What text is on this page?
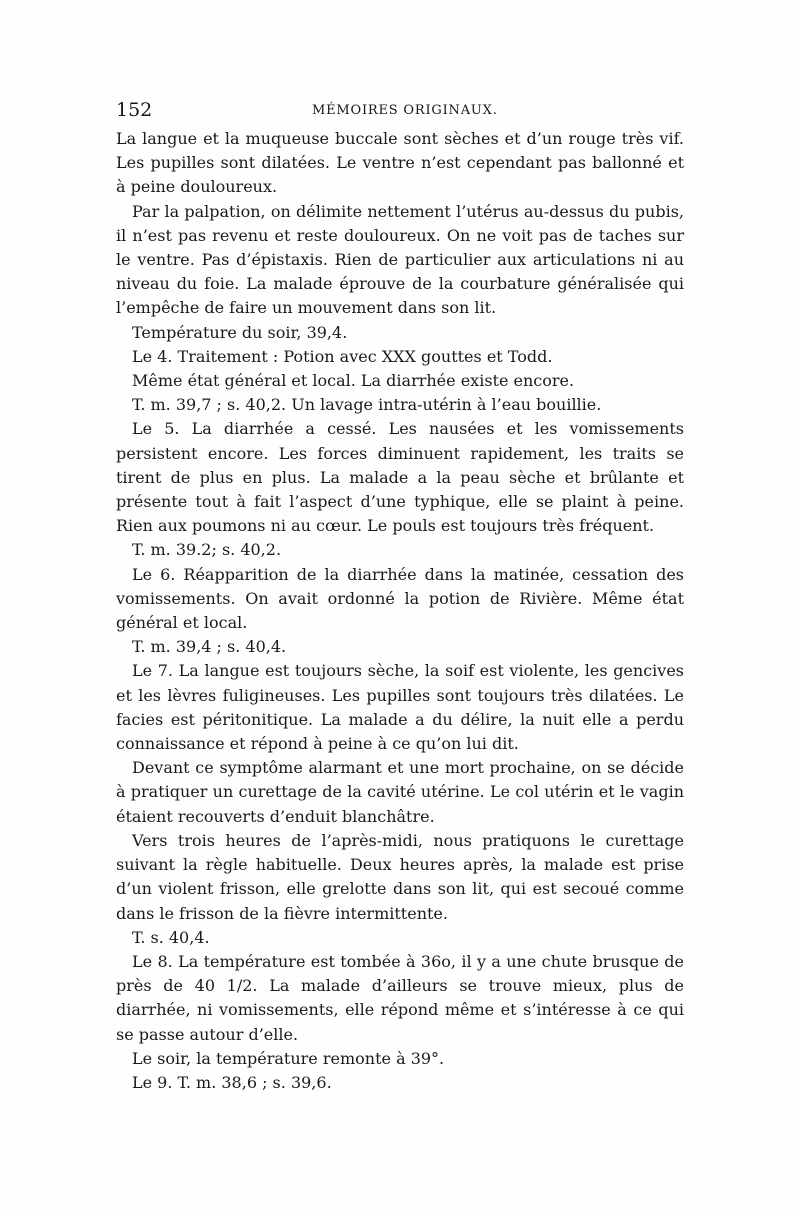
152	MÉMOIRES ORIGINAUX.

La langue et la muqueuse buccale sont sèches et d’un rouge très vif. Les pupilles sont dilatées. Le ventre n’est cependant pas ballonné et à peine douloureux.

Par la palpation, on délimite nettement l’utérus au-dessus du pubis, il n’est pas revenu et reste douloureux. On ne voit pas de taches sur le ventre. Pas d’épistaxis. Rien de particulier aux articulations ni au niveau du foie. La malade éprouve de la courbature généralisée qui l’empêche de faire un mouvement dans son lit.

Température du soir, 39,4.

Le 4. Traitement : Potion avec XXX gouttes et Todd.

Même état général et local. La diarrhée existe encore.

T. m. 39,7 ; s. 40,2. Un lavage intra-utérin à l’eau bouillie.

Le 5. La diarrhée a cessé. Les nausées et les vomissements persistent encore. Les forces diminuent rapidement, les traits se tirent de plus en plus. La malade a la peau sèche et brûlante et présente tout à fait l’aspect d’une typhique, elle se plaint à peine. Rien aux poumons ni au cœur. Le pouls est toujours très fréquent.

T. m. 39.2; s. 40,2.

Le 6. Réapparition de la diarrhée dans la matinée, cessation des vomissements. On avait ordonné la potion de Rivière. Même état général et local.

T. m. 39,4 ; s. 40,4.

Le 7. La langue est toujours sèche, la soif est violente, les gencives et les lèvres fuligineuses. Les pupilles sont toujours très dilatées. Le facies est péritonitique. La malade a du délire, la nuit elle a perdu connaissance et répond à peine à ce qu’on lui dit.

Devant ce symptôme alarmant et une mort prochaine, on se décide à pratiquer un curettage de la cavité utérine. Le col utérin et le vagin étaient recouverts d’enduit blanchâtre.

Vers trois heures de l’après-midi, nous pratiquons le curettage suivant la règle habituelle. Deux heures après, la malade est prise d’un violent frisson, elle grelotte dans son lit, qui est secoué comme dans le frisson de la fièvre intermittente.

T. s. 40,4.

Le 8. La température est tombée à 36o, il y a une chute brusque de près de 40 1/2. La malade d’ailleurs se trouve mieux, plus de diarrhée, ni vomissements, elle répond même et s’intéresse à ce qui se passe autour d’elle.

Le soir, la température remonte à 39°.

Le 9. T. m. 38,6 ; s. 39,6.
